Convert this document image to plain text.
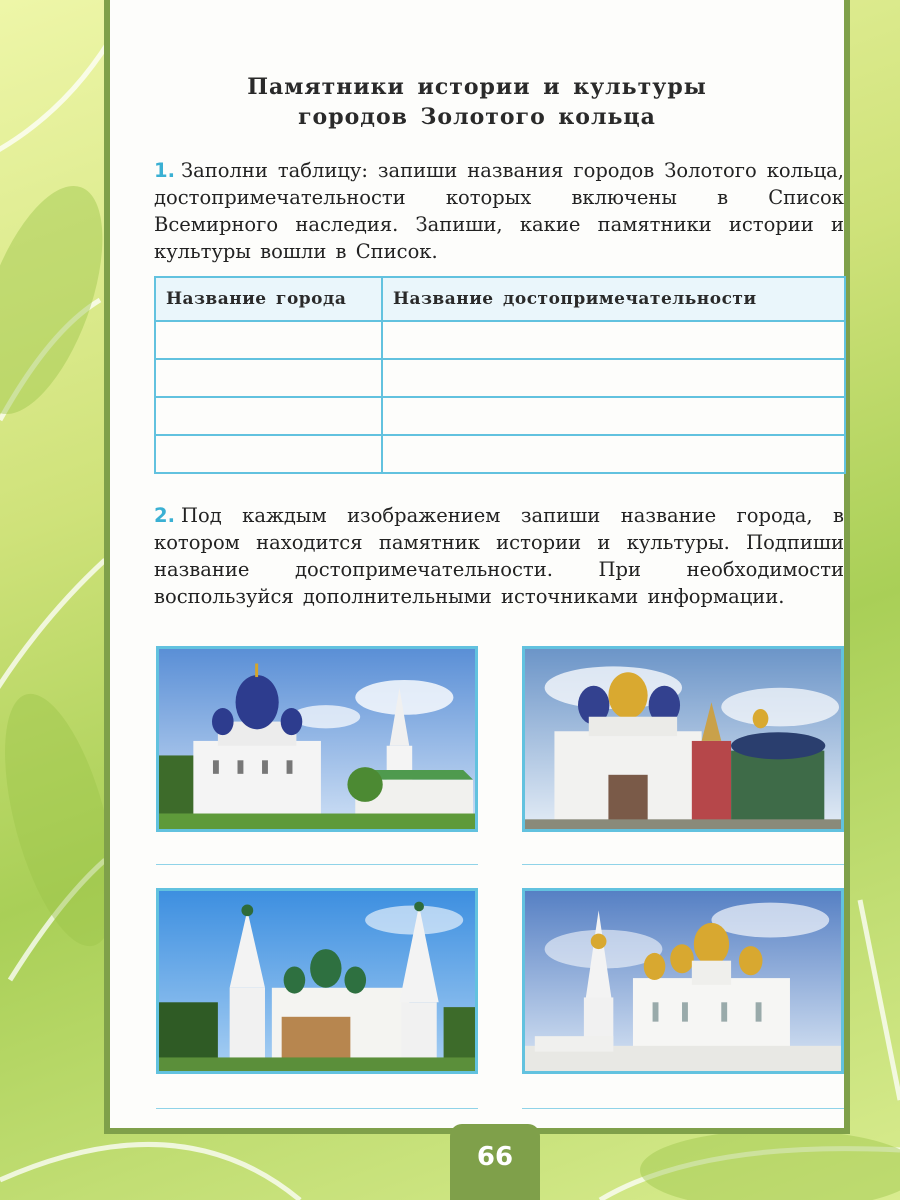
Памятники истории и культуры
городов Золотого кольца
1. Заполни таблицу: запиши названия городов Золотого кольца, достопримечательности которых включены в Список Всемирного наследия. Запиши, какие памятники истории и культуры вошли в Список.
Название города	Название достопримечательности

2. Под каждым изображением запиши название города, в котором находится памятник истории и культуры. Подпиши название достопримечательности. При необходимости воспользуйся дополнительными источниками информации.
66
